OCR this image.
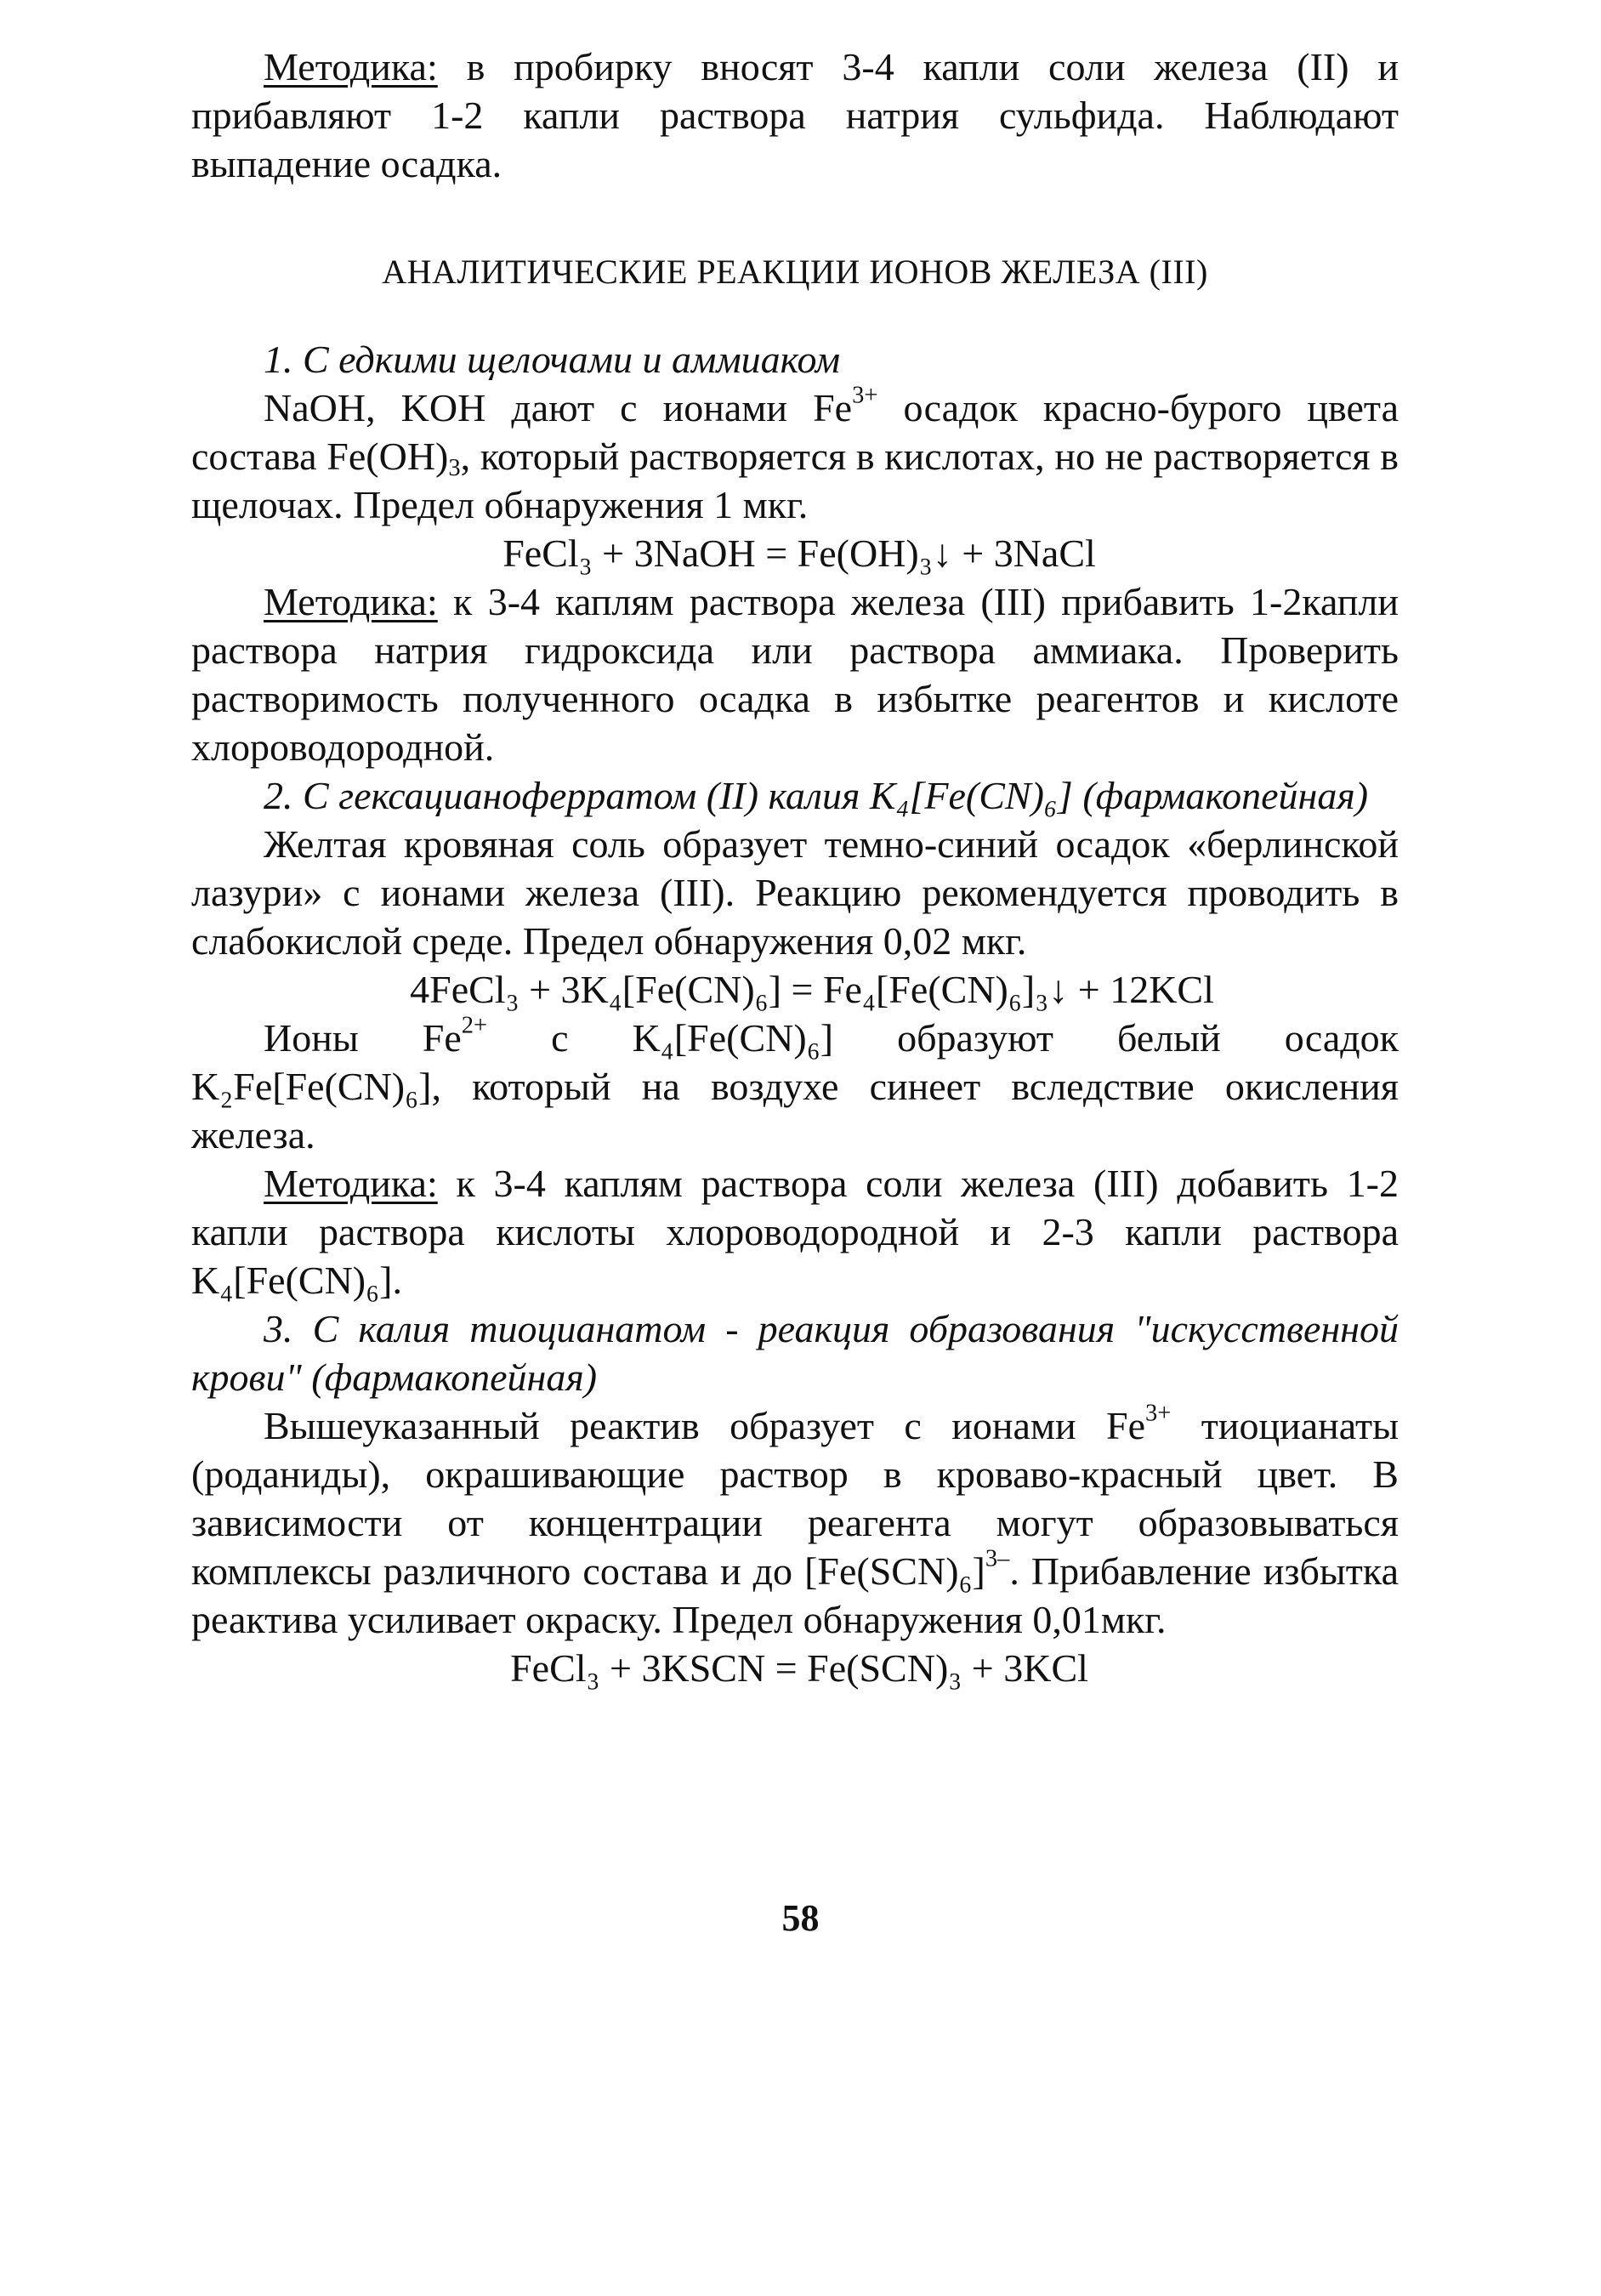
Методика: в пробирку вносят 3-4 капли соли железа (II) и прибавляют 1-2 капли раствора натрия сульфида. Наблюдают выпадение осадка.

АНАЛИТИЧЕСКИЕ РЕАКЦИИ ИОНОВ ЖЕЛЕЗА (III)

1. С едкими щелочами и аммиаком

NaOH, KOH дают с ионами $Fe^{3+}$ осадок красно-бурого цвета состава $Fe(OH)_3$, который растворяется в кислотах, но не растворяется в щелочах. Предел обнаружения 1 мкг.

FeCl₃ + 3NaOH = Fe(OH)₃↓ + 3NaCl

Методика: к 3-4 каплям раствора железа (III) прибавить 1-2капли раствора натрия гидроксида или раствора аммиака. Проверить растворимость полученного осадка в избытке реагентов и кислоте хлороводородной.

2. С гексацианоферратом (II) калия K₄[Fe(CN)₆] (фармакопейная)

Желтая кровяная соль образует темно-синий осадок «берлинской лазури» с ионами железа (III). Реакцию рекомендуется проводить в слабокислой среде. Предел обнаружения 0,02 мкг.

4FeCl₃ + 3K₄[Fe(CN)₆] = Fe₄[Fe(CN)₆]₃↓ + 12KCl

Ионы $Fe^{2+}$ с K₄[Fe(CN)₆] образуют белый осадок

K₂Fe[Fe(CN)₆], который на воздухе синеет вследствие окисления железа.

Методика: к 3-4 каплям раствора соли железа (III) добавить 1-2 капли раствора кислоты хлороводородной и 2-3 капли раствора K₄[Fe(CN)₆].

3. С калия тиоцианатом - реакция образования "искусственной крови" (фармакопейная)

Вышеуказанный реактив образует с ионами $Fe^{3+}$ тиоцианаты (роданиды), окрашивающие раствор в кроваво-красный цвет. В зависимости от концентрации реагента могут образовываться комплексы различного состава и до $[Fe(SCN)_6]^{3-}$. Прибавление избытка реактива усиливает окраску. Предел обнаружения 0,01мкг.

FeCl₃ + 3KSCN = Fe(SCN)₃ + 3KCl

58
